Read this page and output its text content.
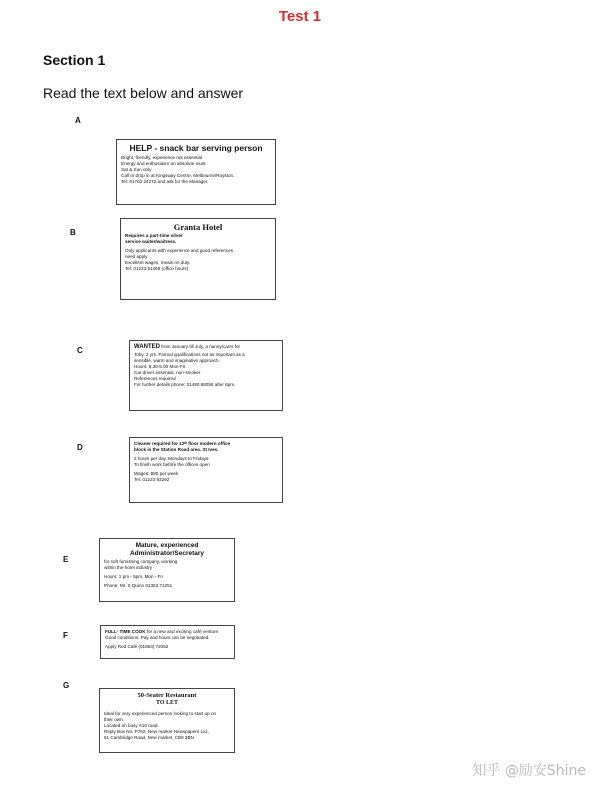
Test 1
Section 1
Read the text below and answer
A
HELP - snack bar serving person
Bright, friendly, experience not essential
Energy and enthusiasm an absolute must
Sat & Sun only
Call or drop in at Kingsway Centre, Melbourne/Royston.
Tel: 01763 24272 and ask for the Manager.
B
Granta Hotel
Requires a part-time silver
service waiter/waitress.
Only applicants with experience and good references
need apply.
Excellent wages, meals on duty.
Tel: 01223 51468 (office hours)
C	WANTED from January till July, a nanny/carer for
Toby, 2 yrs. Formal qualifications not as important as a
sensible, warm and imaginative approach.
Hours: 8.30-5.00 Mon-Fri
Car driver essential, non-smoker
References required
For further details phone: 01480 88056 after 6pm.
D	Cleaner required for 12ᵗʰ floor modern office
block in the Station Road area. St Ives.
2 hours per day. Mondays to Fridays-
To finish work before the offices open
Wages: $80 per week
Tel: 01223 93292
E
Mature, experienced
Administrator/Secretary
for soft furnishing company, working
within the hotel industry
Hours: 1 pm - 5pm, Mon - Fri
Phone: Mr. S Quinn 01353 71251
F	FULL- TIME COOK for a new and exciting café venture.
Good conditions. Pay and hours can be negotiated.
Apply Red Café (01863) 72052
G
50-Seater Restaurant
TO LET
Ideal for very experienced person looking to start up on
their own.
Located on busy A10 road.
Reply Box No. P762, New market Newspapers Ltd.,
51 Cambridge Road, New market, CB8 3BN
知乎 @励安Shine
